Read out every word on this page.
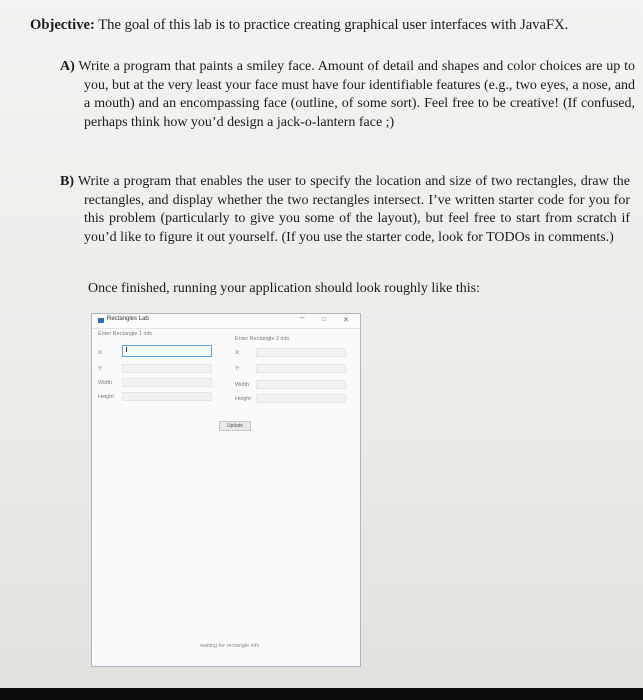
Objective: The goal of this lab is to practice creating graphical user interfaces with JavaFX.
A) Write a program that paints a smiley face. Amount of detail and shapes and color choices are up to you, but at the very least your face must have four identifiable features (e.g., two eyes, a nose, and a mouth) and an encompassing face (outline, of some sort). Feel free to be creative! (If confused, perhaps think how you’d design a jack-o-lantern face ;)
B) Write a program that enables the user to specify the location and size of two rectangles, draw the rectangles, and display whether the two rectangles intersect. I’ve written starter code for you for this problem (particularly to give you some of the layout), but feel free to start from scratch if you’d like to figure it out yourself. (If you use the starter code, look for TODOs in comments.)
Once finished, running your application should look roughly like this:
Rectangles Lab	–	□ ✕
Enter Rectangle 1 info
X:
Y:
Width
Height
Enter Rectangle 2 info
X:
Y:
Width
Height
Update
waiting for rectangle info
